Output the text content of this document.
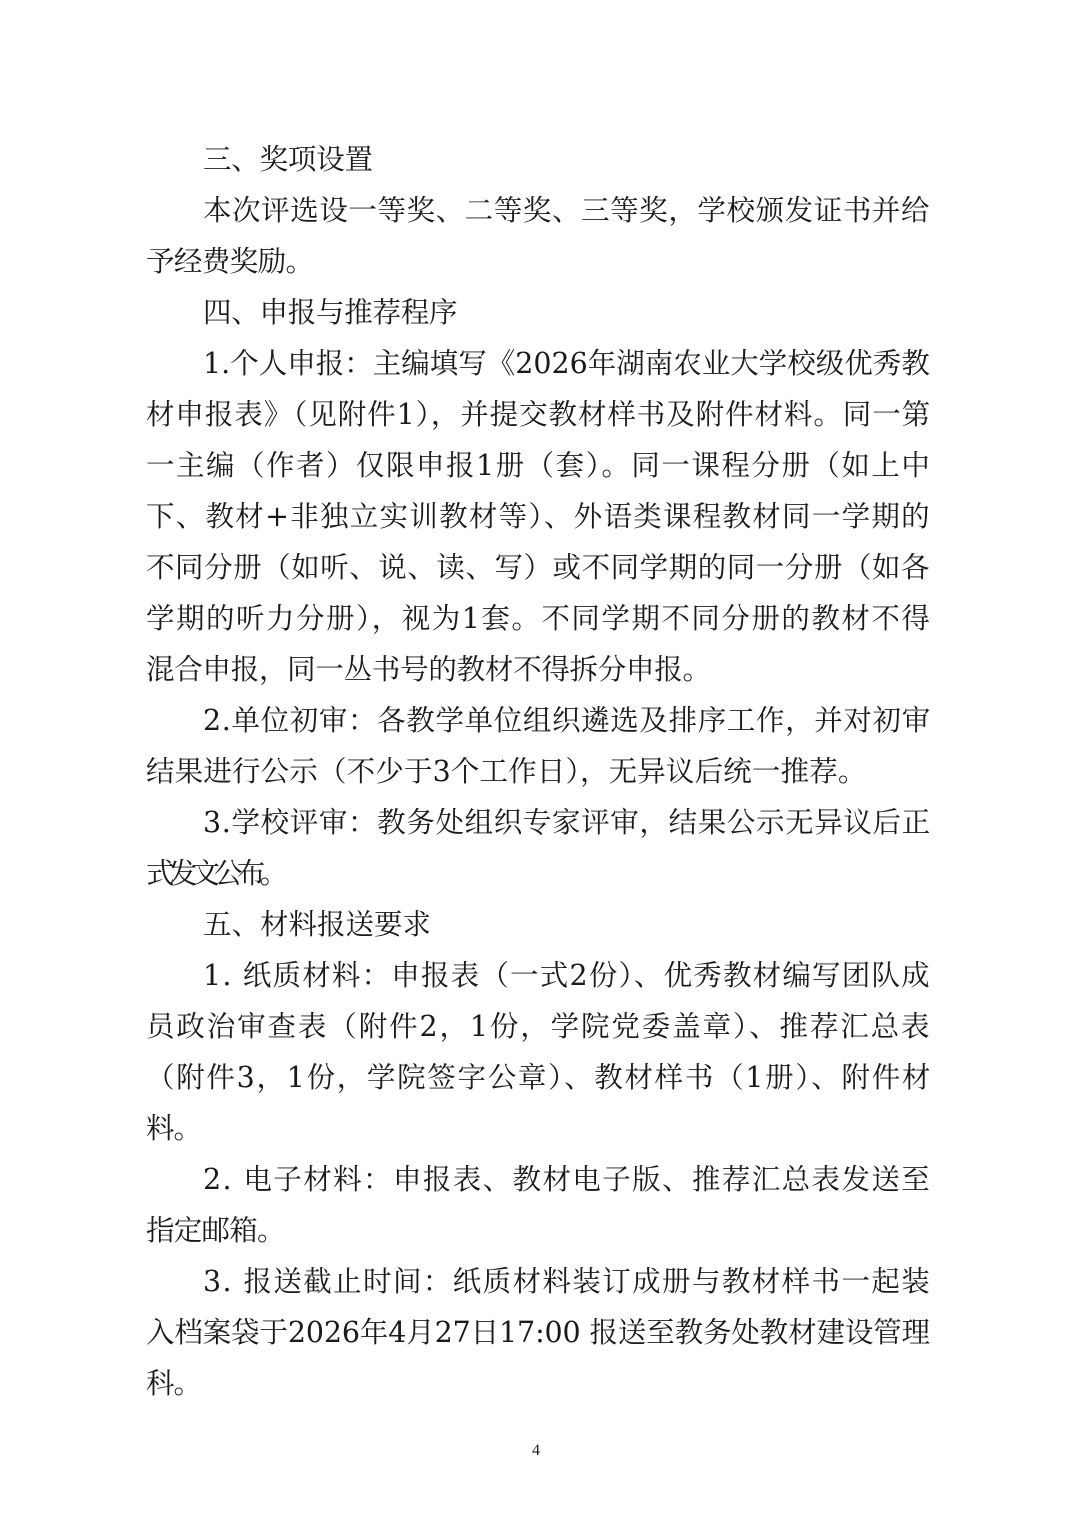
三、奖项设置
本次评选设一等奖、二等奖、三等奖，学校颁发证书并给
予经费奖励。
四、申报与推荐程序
1.个人申报：主编填写《2026年湖南农业大学校级优秀教
材申报表》（见附件1），并提交教材样书及附件材料。同一第
一主编（作者）仅限申报1册（套）。同一课程分册（如上中
下、教材+非独立实训教材等）、外语类课程教材同一学期的
不同分册（如听、说、读、写）或不同学期的同一分册（如各
学期的听力分册），视为1套。不同学期不同分册的教材不得
混合申报，同一丛书号的教材不得拆分申报。
2.单位初审：各教学单位组织遴选及排序工作，并对初审
结果进行公示（不少于3个工作日），无异议后统一推荐。
3.学校评审：教务处组织专家评审，结果公示无异议后正
式发文公布。
五、材料报送要求
1. 纸质材料：申报表（一式2份）、优秀教材编写团队成
员政治审查表（附件2，1份，学院党委盖章）、推荐汇总表
（附件3，1份，学院签字公章）、教材样书（1册）、附件材
料。
2. 电子材料：申报表、教材电子版、推荐汇总表发送至
指定邮箱。
3. 报送截止时间：纸质材料装订成册与教材样书一起装
入档案袋于2026年4月27日17:00 报送至教务处教材建设管理
科。
4
